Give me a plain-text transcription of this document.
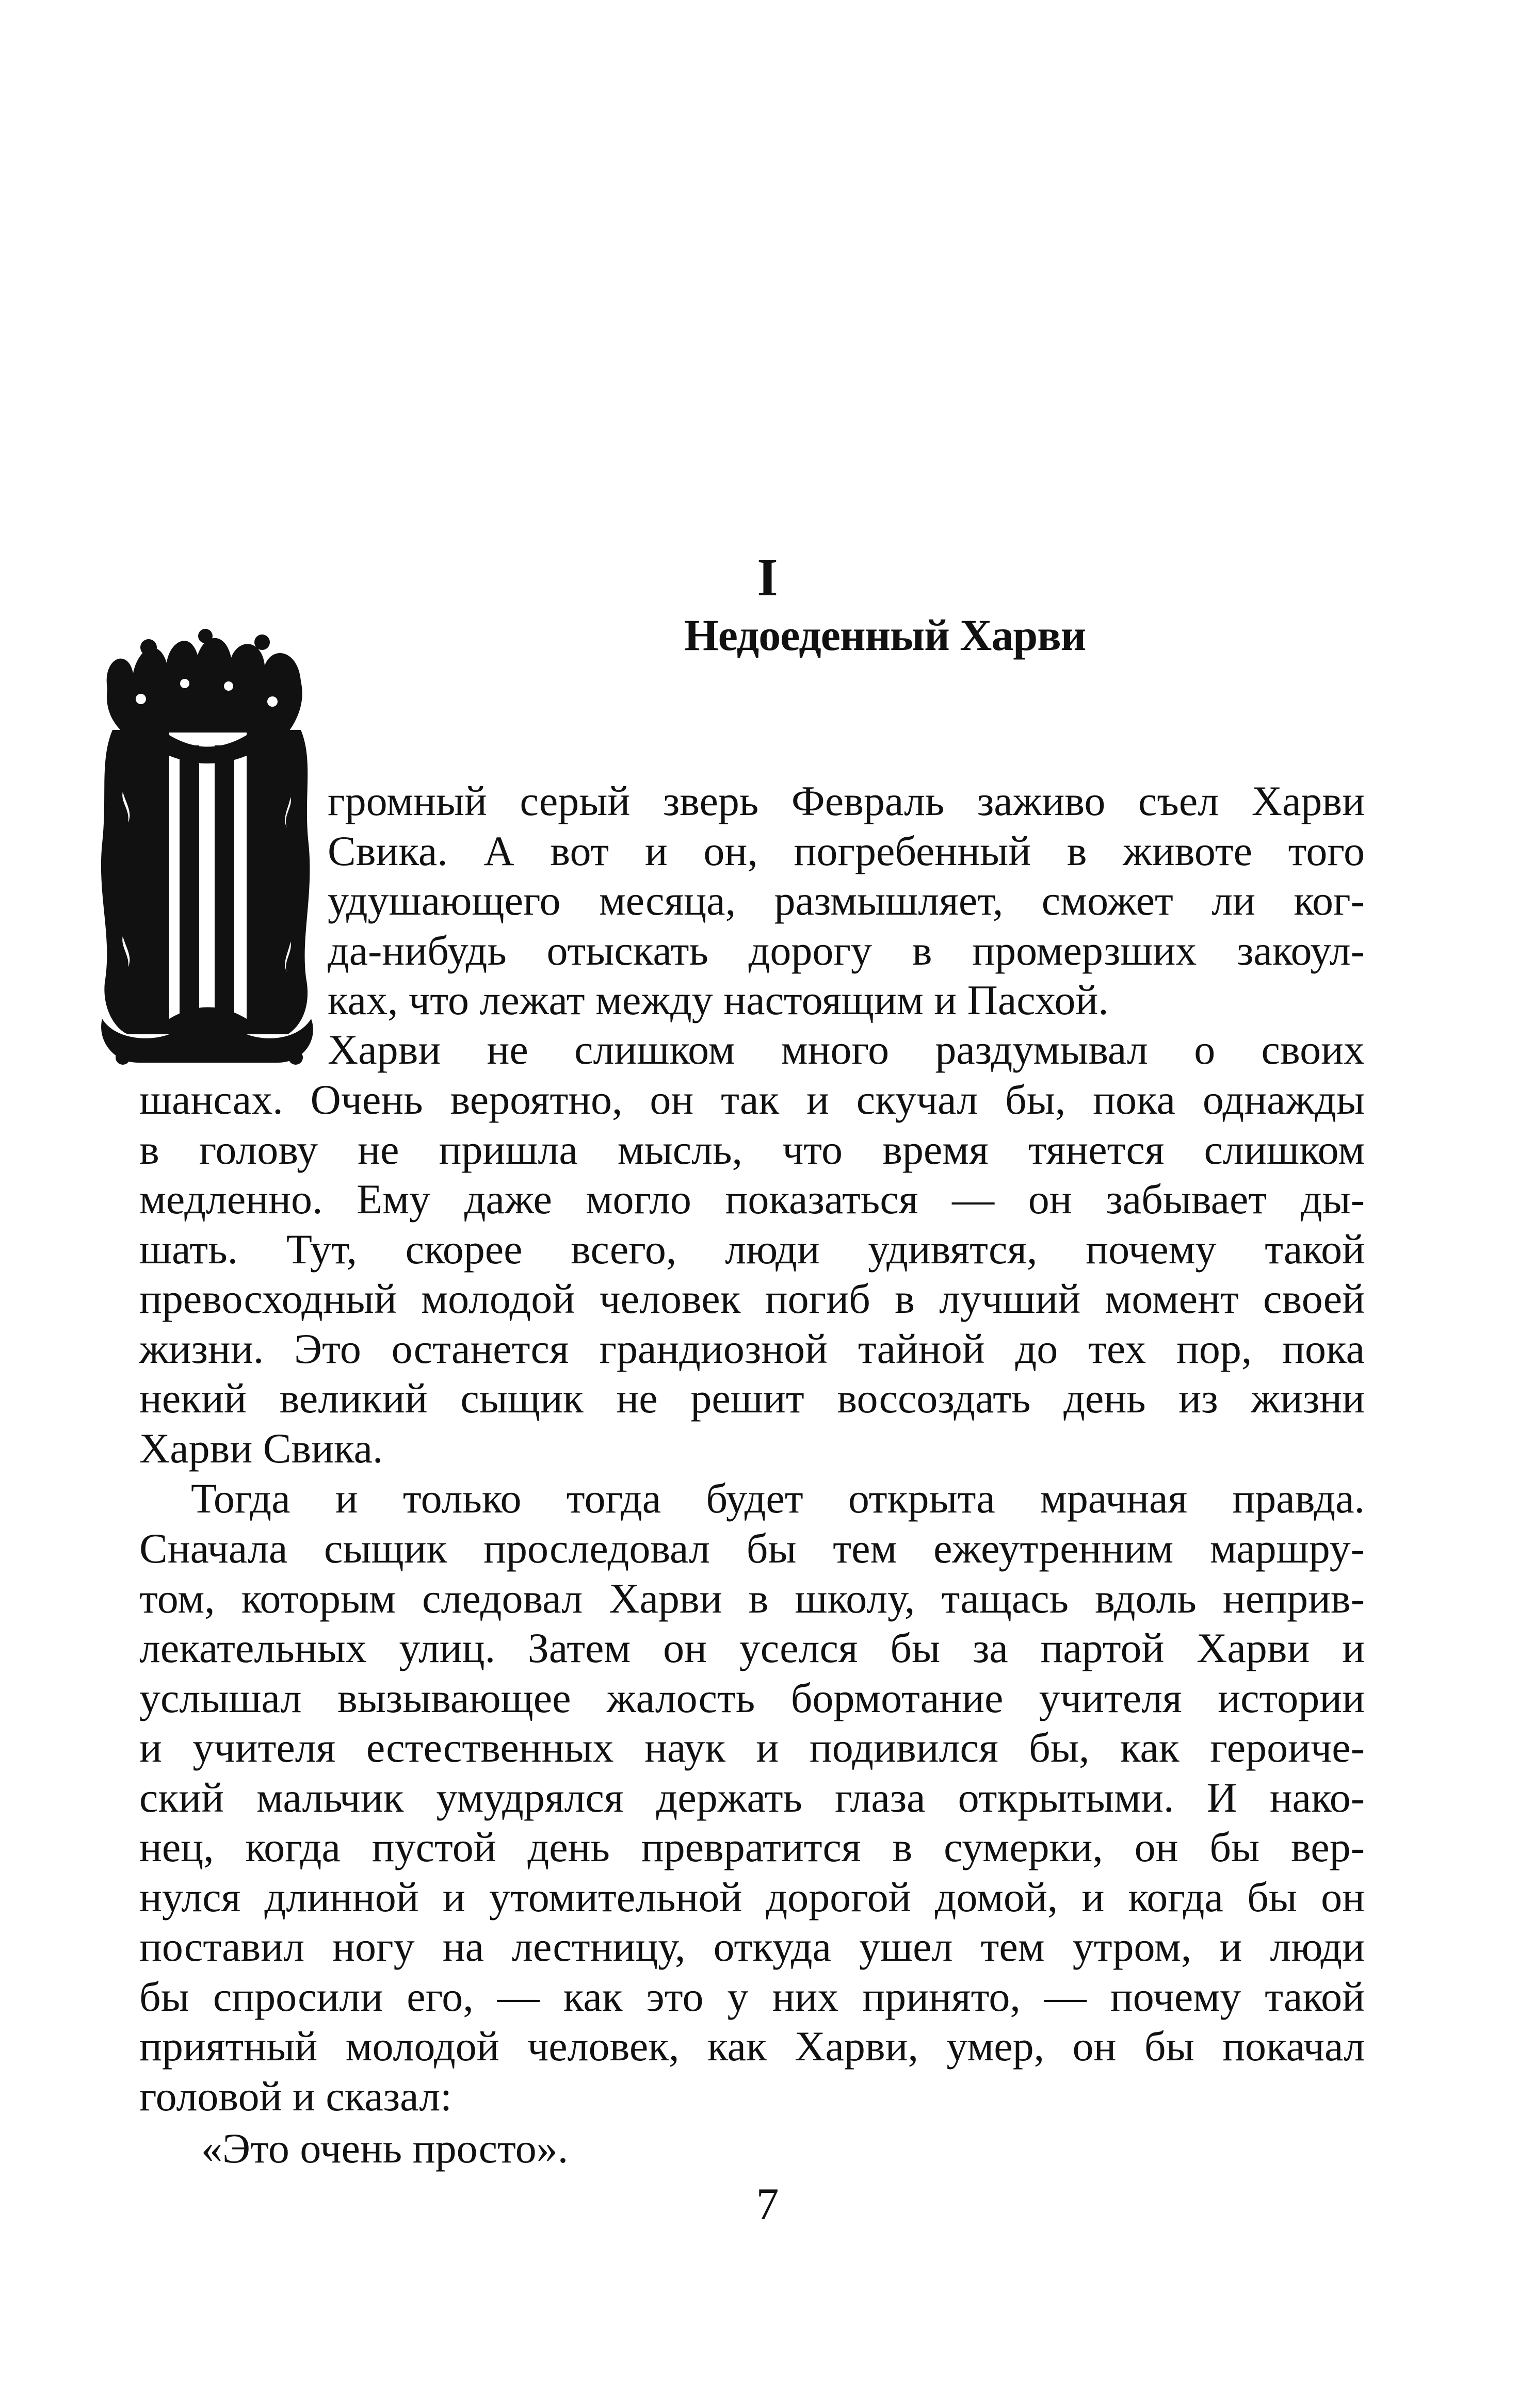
I
Недоеденный Харви
громный серый зверь Февраль заживо съел Харви
Свика. А вот и он, погребенный в животе того
удушающего месяца, размышляет, сможет ли ког-
да-нибудь отыскать дорогу в промерзших закоул-
ках, что лежат между настоящим и Пасхой.
Харви не слишком много раздумывал о своих
шансах. Очень вероятно, он так и скучал бы, пока однажды
в голову не пришла мысль, что время тянется слишком
медленно. Ему даже могло показаться — он забывает ды-
шать. Тут, скорее всего, люди удивятся, почему такой
превосходный молодой человек погиб в лучший момент своей
жизни. Это останется грандиозной тайной до тех пор, пока
некий великий сыщик не решит воссоздать день из жизни
Харви Свика.
Тогда и только тогда будет открыта мрачная правда.
Сначала сыщик проследовал бы тем ежеутренним маршру-
том, которым следовал Харви в школу, тащась вдоль неприв-
лекательных улиц. Затем он уселся бы за партой Харви и
услышал вызывающее жалость бормотание учителя истории
и учителя естественных наук и подивился бы, как героиче-
ский мальчик умудрялся держать глаза открытыми. И нако-
нец, когда пустой день превратится в сумерки, он бы вер-
нулся длинной и утомительной дорогой домой, и когда бы он
поставил ногу на лестницу, откуда ушел тем утром, и люди
бы спросили его, — как это у них принято, — почему такой
приятный молодой человек, как Харви, умер, он бы покачал
головой и сказал:
«Это очень просто».
7
